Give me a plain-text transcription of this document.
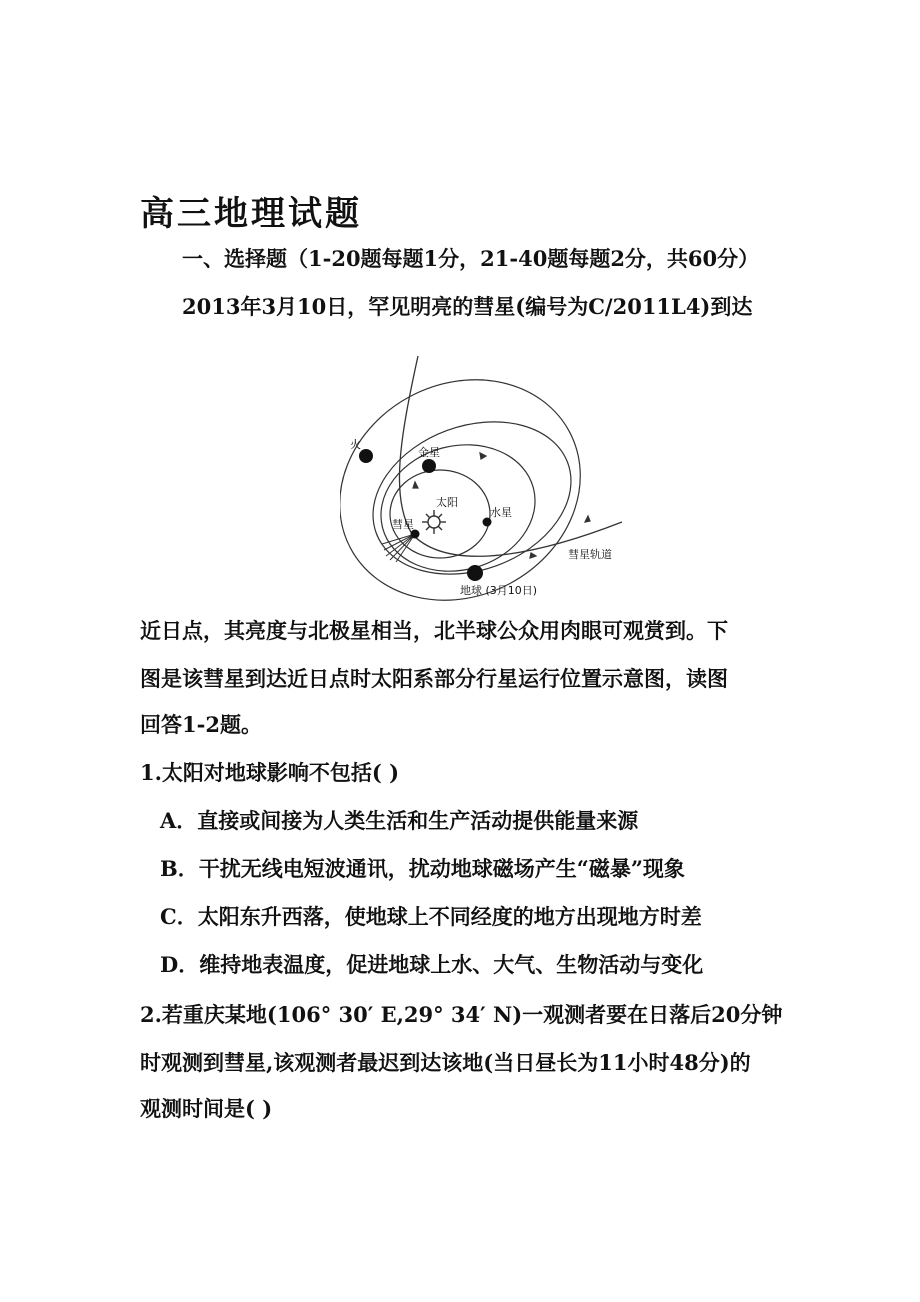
高三地理试题
一、选择题（1-20题每题1分，21-40题每题2分，共60分）
2013年3月10日，罕见明亮的彗星(编号为C/2011L4)到达
火
金星
太阳
水星
彗星
彗星轨道
地球 (3月10日)
近日点，其亮度与北极星相当，北半球公众用肉眼可观赏到。下
图是该彗星到达近日点时太阳系部分行星运行位置示意图，读图
回答1-2题。
1.太阳对地球影响不包括( )
A．直接或间接为人类生活和生产活动提供能量来源
B．干扰无线电短波通讯，扰动地球磁场产生“磁暴”现象
C．太阳东升西落，使地球上不同经度的地方出现地方时差
D．维持地表温度，促进地球上水、大气、生物活动与变化
2.若重庆某地(106° 30′ E,29° 34′ N)一观测者要在日落后20分钟
时观测到彗星,该观测者最迟到达该地(当日昼长为11小时48分)的
观测时间是( )
